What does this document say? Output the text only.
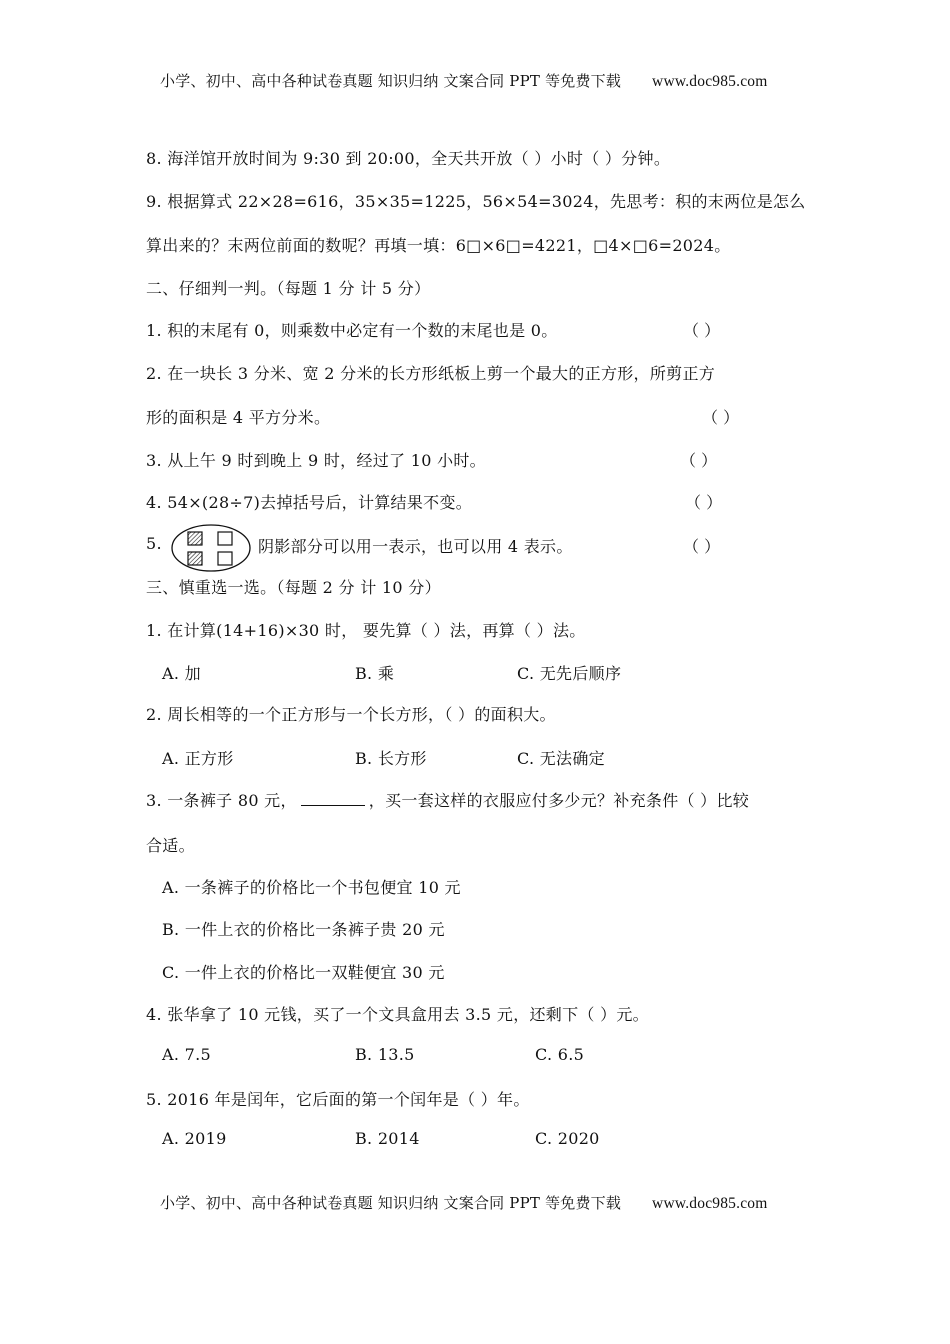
小学、初中、高中各种试卷真题 知识归纳 文案合同 PPT 等免费下载 www.doc985.com
8. 海洋馆开放时间为 9:30 到 20:00，全天共开放（ ）小时（ ）分钟。
9. 根据算式 22×28=616，35×35=1225，56×54=3024，先思考：积的末两位是怎么
算出来的？末两位前面的数呢？再填一填：6□×6□=4221，□4×□6=2024。
二、仔细判一判。（每题 1 分 计 5 分）
1. 积的末尾有 0，则乘数中必定有一个数的末尾也是 0。	（ ）
2. 在一块长 3 分米、宽 2 分米的长方形纸板上剪一个最大的正方形，所剪正方
形的面积是 4 平方分米。	（ ）
3. 从上午 9 时到晚上 9 时，经过了 10 小时。	（ ）
4. 54×(28÷7)去掉括号后，计算结果不变。	（ ）
5.	阴影部分可以用一表示，也可以用 4 表示。	（ ）
三、慎重选一选。（每题 2 分 计 10 分）
1. 在计算(14+16)×30 时， 要先算（ ）法，再算（ ）法。
A. 加	B. 乘	C. 无先后顺序
2. 周长相等的一个正方形与一个长方形，（ ）的面积大。
A. 正方形	B. 长方形	C. 无法确定
3. 一条裤子 80 元，	，买一套这样的衣服应付多少元？补充条件（ ）比较
合适。
A. 一条裤子的价格比一个书包便宜 10 元
B. 一件上衣的价格比一条裤子贵 20 元
C. 一件上衣的价格比一双鞋便宜 30 元
4. 张华拿了 10 元钱，买了一个文具盒用去 3.5 元，还剩下（ ）元。
A. 7.5	B. 13.5	C. 6.5
5. 2016 年是闰年，它后面的第一个闰年是（ ）年。
A. 2019	B. 2014	C. 2020
小学、初中、高中各种试卷真题 知识归纳 文案合同 PPT 等免费下载 www.doc985.com
